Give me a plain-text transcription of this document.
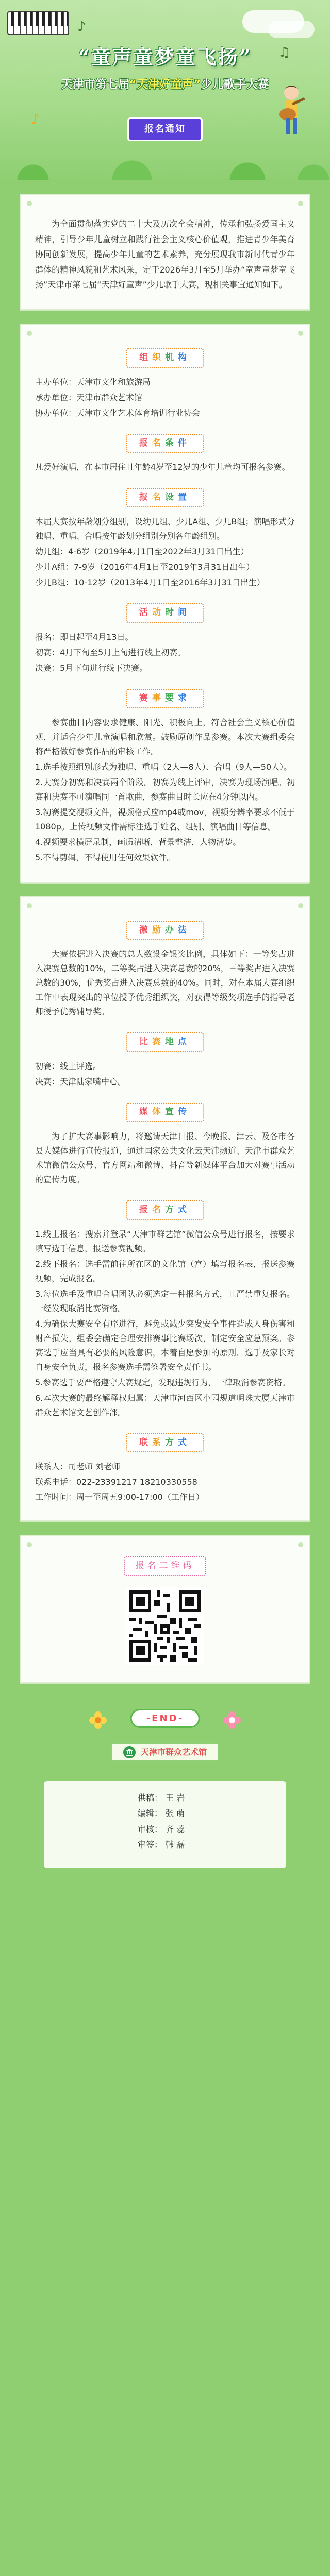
♪
♫
♪
“童声童梦童飞扬”
天津市第七届“天津好童声”少儿歌手大赛
报名通知

为全面贯彻落实党的二十大及历次全会精神，传承和弘扬爱国主义精神，引导少年儿童树立和践行社会主义核心价值观，推进青少年美育协同创新发展，提高少年儿童的艺术素养，充分展现我市新时代青少年群体的精神风貌和艺术风采，定于2026年3月至5月举办“童声童梦童飞扬”天津市第七届“天津好童声”少儿歌手大赛，现相关事宜通知如下。

组织机构

主办单位：天津市文化和旅游局

承办单位：天津市群众艺术馆

协办单位：天津市文化艺术体育培训行业协会

报名条件

凡爱好演唱，在本市居住且年龄4岁至12岁的少年儿童均可报名参赛。

报名设置

本届大赛按年龄划分组别，设幼儿组、少儿A组、少儿B组；演唱形式分独唱、重唱、合唱按年龄划分组别分别各年龄组别。

幼儿组：4-6岁（2019年4月1日至2022年3月31日出生）

少儿A组：7-9岁（2016年4月1日至2019年3月31日出生）

少儿B组：10-12岁（2013年4月1日至2016年3月31日出生）

活动时间

报名：即日起至4月13日。

初赛：4月下旬至5月上旬进行线上初赛。

决赛：5月下旬进行线下决赛。

赛事要求

参赛曲目内容要求健康、阳光、积极向上，符合社会主义核心价值观，并适合少年儿童演唱和欣赏。鼓励原创作品参赛。本次大赛组委会将严格做好参赛作品的审核工作。

1.选手按照组别形式为独唱、重唱（2人—8人）、合唱（9人—50人）。

2.大赛分初赛和决赛两个阶段。初赛为线上评审，决赛为现场演唱。初赛和决赛不可演唱同一首歌曲，参赛曲目时长应在4分钟以内。

3.初赛提交视频文件，视频格式应mp4或mov，视频分辨率要求不低于1080p。上传视频文件需标注选手姓名、组别、演唱曲目等信息。

4.视频要求横屏录制，画质清晰，背景整洁，人物清楚。

5.不得剪辑，不得使用任何效果软件。

激励办法

大赛依据进入决赛的总人数设金银奖比例，具体如下：一等奖占进入决赛总数的10%，二等奖占进入决赛总数的20%，三等奖占进入决赛总数的30%，优秀奖占进入决赛总数的40%。同时，对在本届大赛组织工作中表现突出的单位授予优秀组织奖，对获得等级奖项选手的指导老师授予优秀辅导奖。

比赛地点

初赛：线上评选。

决赛：天津陆家嘴中心。

媒体宣传

为了扩大赛事影响力，将邀请天津日报、今晚报、津云、及各市各县大媒体进行宣传报道，通过国家公共文化云天津频道、天津市群众艺术馆微信公众号、官方网站和微博、抖音等新媒体平台加大对赛事活动的宣传力度。

报名方式

1.线上报名：搜索并登录“天津市群艺馆”微信公众号进行报名，按要求填写选手信息，报送参赛视频。

2.线下报名：选手需前往所在区的文化馆（宫）填写报名表，报送参赛视频，完成报名。

3.每位选手及重唱合唱团队必须选定一种报名方式，且严禁重复报名。一经发现取消比赛资格。

4.为确保大赛安全有序进行，避免或减少突发安全事件造成人身伤害和财产损失，组委会确定合理安排赛事比赛场次，制定安全应急预案。参赛选手应当具有必要的风险意识，本着自愿参加的原则，选手及家长对自身安全负责，报名参赛选手需签署安全责任书。

5.参赛选手要严格遵守大赛规定，发现违规行为，一律取消参赛资格。

6.本次大赛的最终解释权归属：天津市河西区小园规道明珠大厦天津市群众艺术馆文艺创作部。

联系方式

联系人：司老师 刘老师

联系电话：022-23391217 18210330558

工作时间：周一至周五9:00-17:00（工作日）

报名二维码
-END-
天津市群众艺术馆
供稿： 王 岩
编辑： 张 萌
审核： 齐 蕊
审签： 韩 磊
